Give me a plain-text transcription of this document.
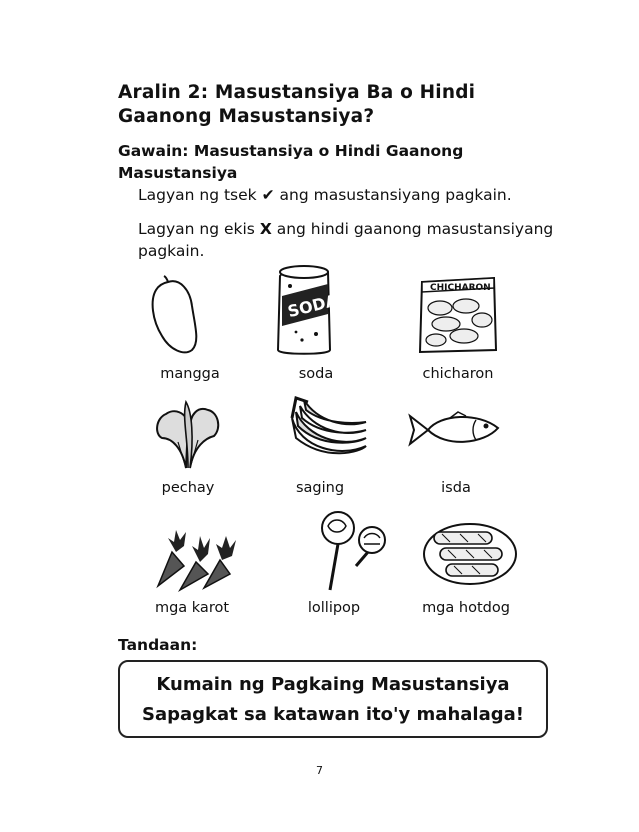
Aralin 2: Masustansiya Ba o Hindi Gaanong Masustansiya?
Gawain: Masustansiya o Hindi Gaanong Masustansiya
Lagyan ng tsek ✔ ang masustansiyang pagkain.
Lagyan ng ekis X ang hindi gaanong masustansiyang pagkain.
SODA
CHICHARON
mangga	soda	chicharon
pechay	saging	isda
mga karot	lollipop	mga hotdog
Tandaan:
Kumain ng Pagkaing Masustansiya
Sapagkat sa katawan ito'y mahalaga!
7
